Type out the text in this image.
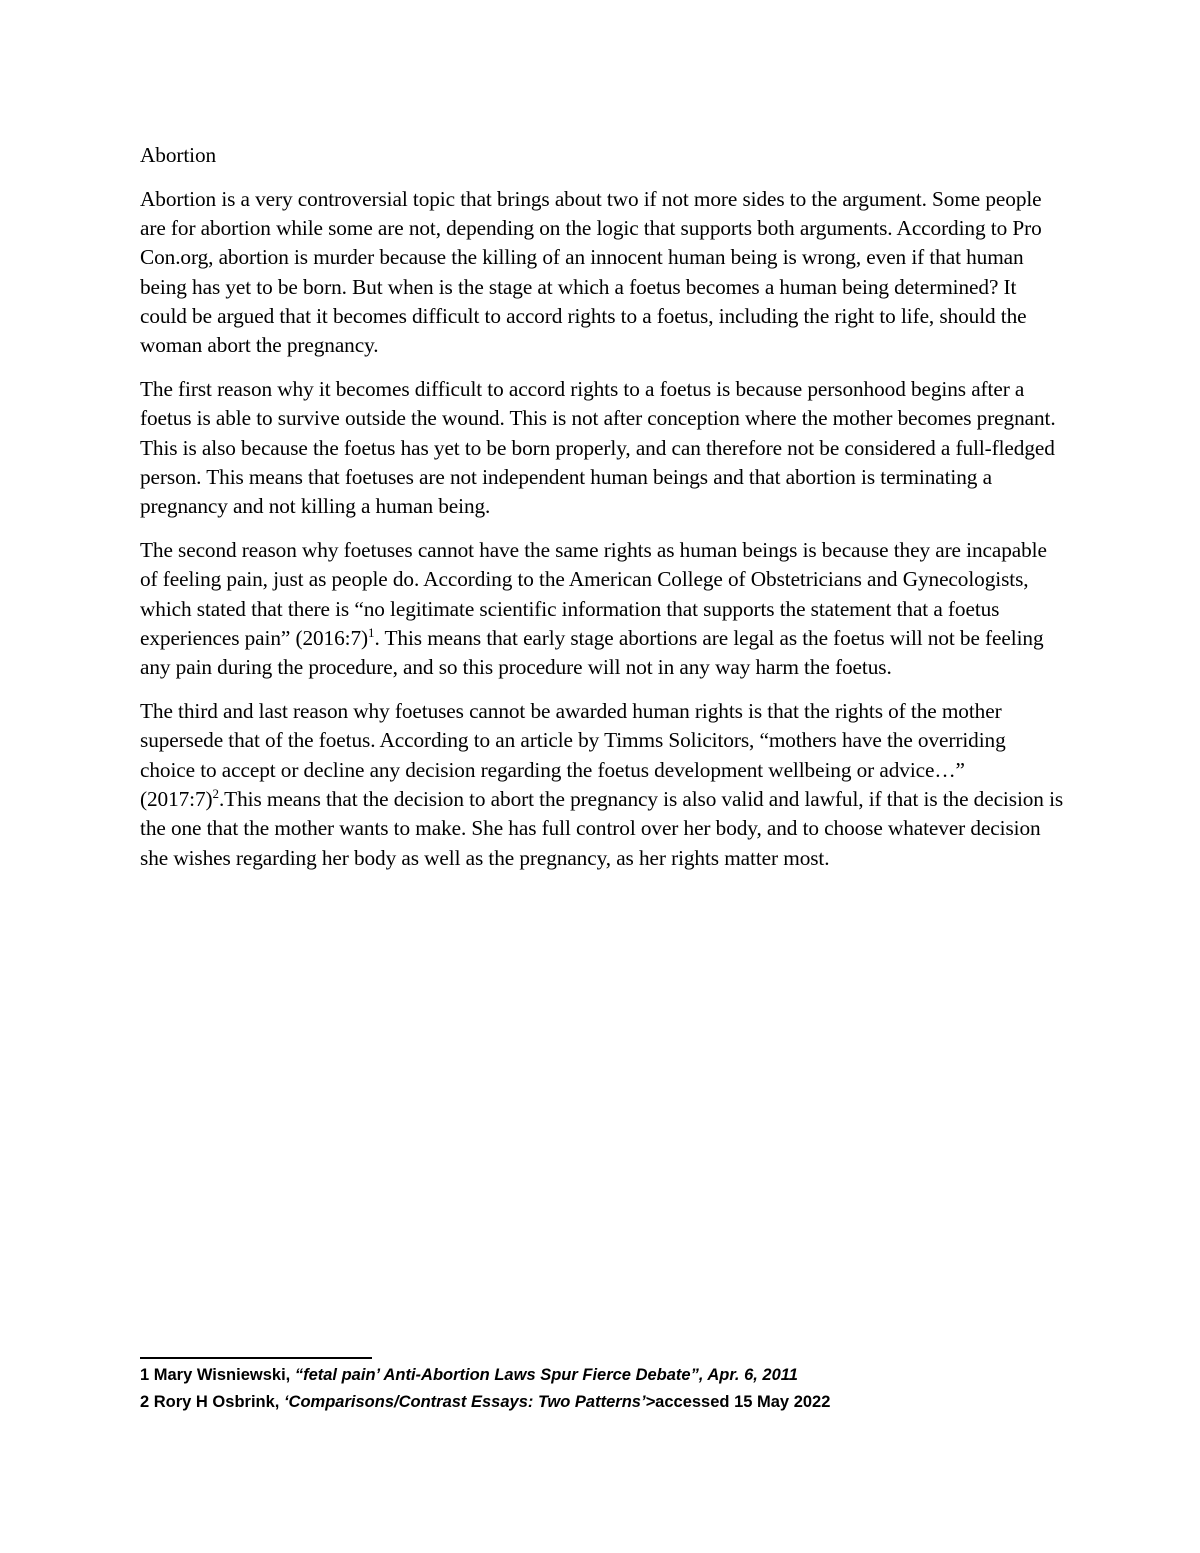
Abortion

Abortion is a very controversial topic that brings about two if not more sides to the argument. Some people are for abortion while some are not, depending on the logic that supports both arguments. According to Pro Con.org, abortion is murder because the killing of an innocent human being is wrong, even if that human being has yet to be born. But when is the stage at which a foetus becomes a human being determined? It could be argued that it becomes difficult to accord rights to a foetus, including the right to life, should the woman abort the pregnancy.

The first reason why it becomes difficult to accord rights to a foetus is because personhood begins after a foetus is able to survive outside the wound. This is not after conception where the mother becomes pregnant. This is also because the foetus has yet to be born properly, and can therefore not be considered a full-fledged person. This means that foetuses are not independent human beings and that abortion is terminating a pregnancy and not killing a human being.

The second reason why foetuses cannot have the same rights as human beings is because they are incapable of feeling pain, just as people do. According to the American College of Obstetricians and Gynecologists, which stated that there is “no legitimate scientific information that supports the statement that a foetus experiences pain” (2016:7)$^1$. This means that early stage abortions are legal as the foetus will not be feeling any pain during the procedure, and so this procedure will not in any way harm the foetus.

The third and last reason why foetuses cannot be awarded human rights is that the rights of the mother supersede that of the foetus. According to an article by Timms Solicitors, “mothers have the overriding choice to accept or decline any decision regarding the foetus development wellbeing or advice…” (2017:7)$^2$.This means that the decision to abort the pregnancy is also valid and lawful, if that is the decision is the one that the mother wants to make. She has full control over her body, and to choose whatever decision she wishes regarding her body as well as the pregnancy, as her rights matter most.

1 Mary Wisniewski, “fetal pain’ Anti-Abortion Laws Spur Fierce Debate”, Apr. 6, 2011
2 Rory H Osbrink, ‘Comparisons/Contrast Essays: Two Patterns’>accessed 15 May 2022
